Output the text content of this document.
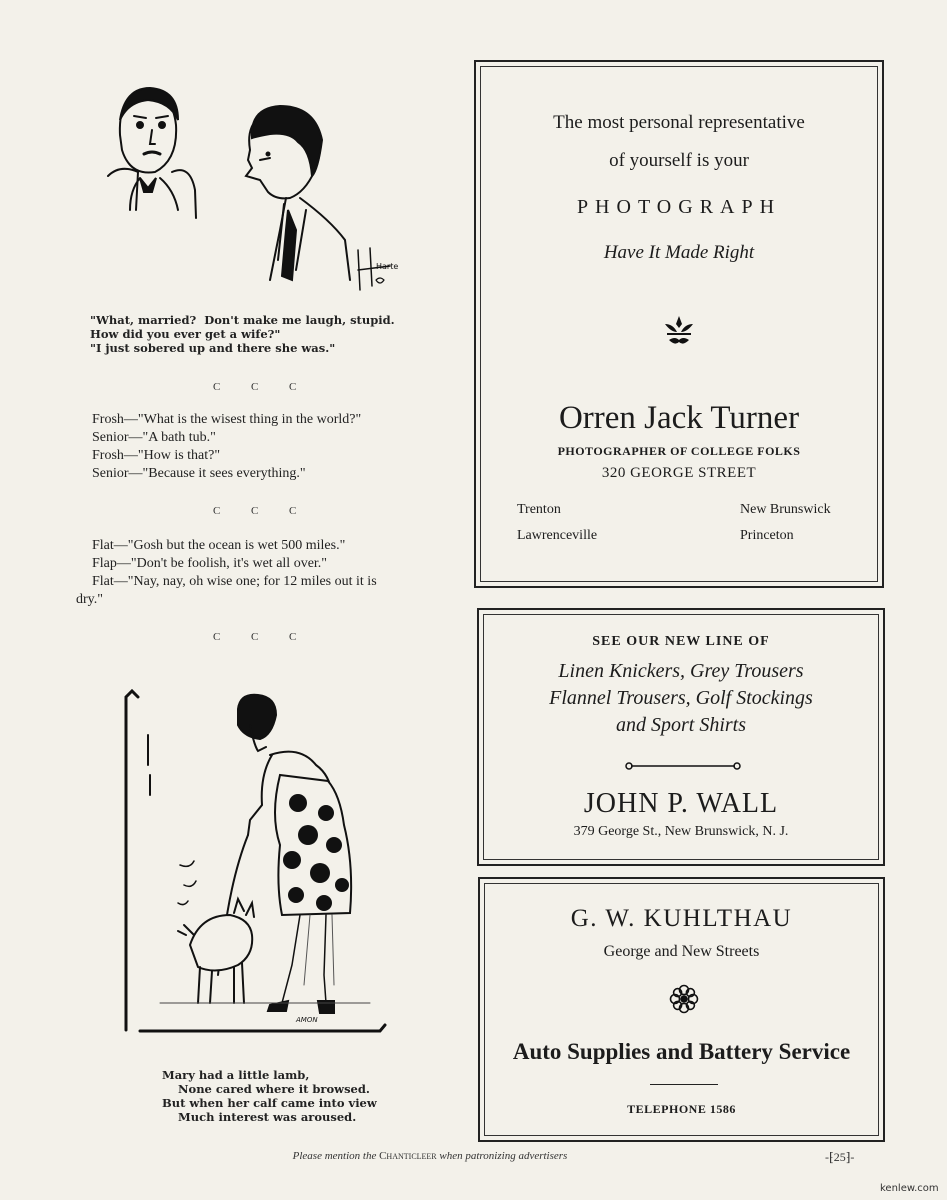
Harte
"What, married?  Don't make me laugh, stupid.
How did you ever get a wife?"
"I just sobered up and there she was."
C	C	C
Frosh—"What is the wisest thing in the world?"
Senior—"A bath tub."
Frosh—"How is that?"
Senior—"Because it sees everything."
C	C	C
Flat—"Gosh but the ocean is wet 500 miles."
Flap—"Don't be foolish, it's wet all over."
Flat—"Nay, nay, oh wise one; for 12 miles out it is
dry."
C	C	C
AMON
Mary had a little lamb,
None cared where it browsed.
But when her calf came into view
Much interest was aroused.
The most personal representative
of yourself is your
PHOTOGRAPH
Have It Made Right
Orren Jack Turner
PHOTOGRAPHER OF COLLEGE FOLKS
320 GEORGE STREET
Trenton	New Brunswick
Lawrenceville	Princeton
SEE OUR NEW LINE OF
Linen Knickers, Grey Trousers
Flannel Trousers, Golf Stockings
and Sport Shirts
JOHN P. WALL
379 George St., New Brunswick, N. J.
G. W. KUHLTHAU
George and New Streets
Auto Supplies and Battery Service
TELEPHONE 1586
Please mention the Chanticleer when patronizing advertisers	-⁅25⁆-
kenlew.com
